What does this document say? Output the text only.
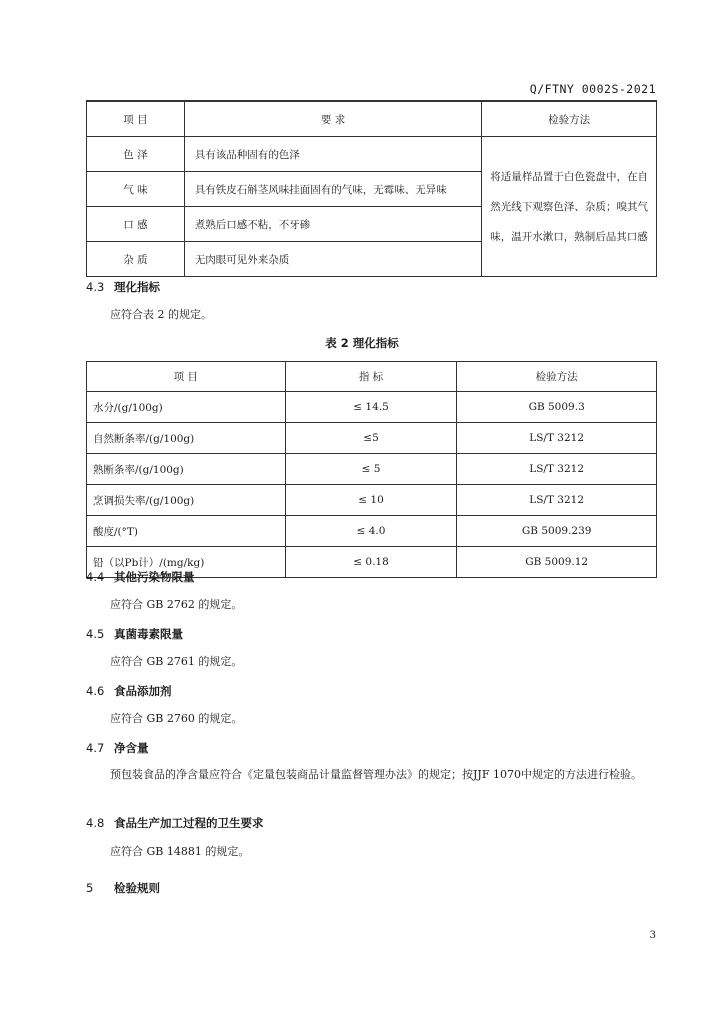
Q/FTNY 0002S-2021
项 目	要 求	检验方法
色 泽	具有该品种固有的色泽	将适量样品置于白色瓷盘中，在自然光线下观察色泽、杂质；嗅其气味，温开水漱口，熟制后品其口感
气 味	具有铁皮石斛茎风味挂面固有的气味，无霉味、无异味	
口 感	煮熟后口感不粘，不牙碜	
杂 质	无肉眼可见外来杂质	
4.3 理化指标
应符合表 2 的规定。
表 2 理化指标
项 目	指 标	检验方法
水分/(g/100g)	≤ 14.5	GB 5009.3
自然断条率/(g/100g)	≤5	LS/T 3212
熟断条率/(g/100g)	≤ 5	LS/T 3212
烹调损失率/(g/100g)	≤ 10	LS/T 3212
酸度/(°T)	≤ 4.0	GB 5009.239
铅（以Pb计）/(mg/kg)	≤ 0.18	GB 5009.12
4.4 其他污染物限量
应符合 GB 2762 的规定。
4.5 真菌毒素限量
应符合 GB 2761 的规定。
4.6 食品添加剂
应符合 GB 2760 的规定。
4.7 净含量
预包装食品的净含量应符合《定量包装商品计量监督管理办法》的规定；按JJF 1070中规定的方法进行检验。
4.8 食品生产加工过程的卫生要求
应符合 GB 14881 的规定。
5 检验规则
3
